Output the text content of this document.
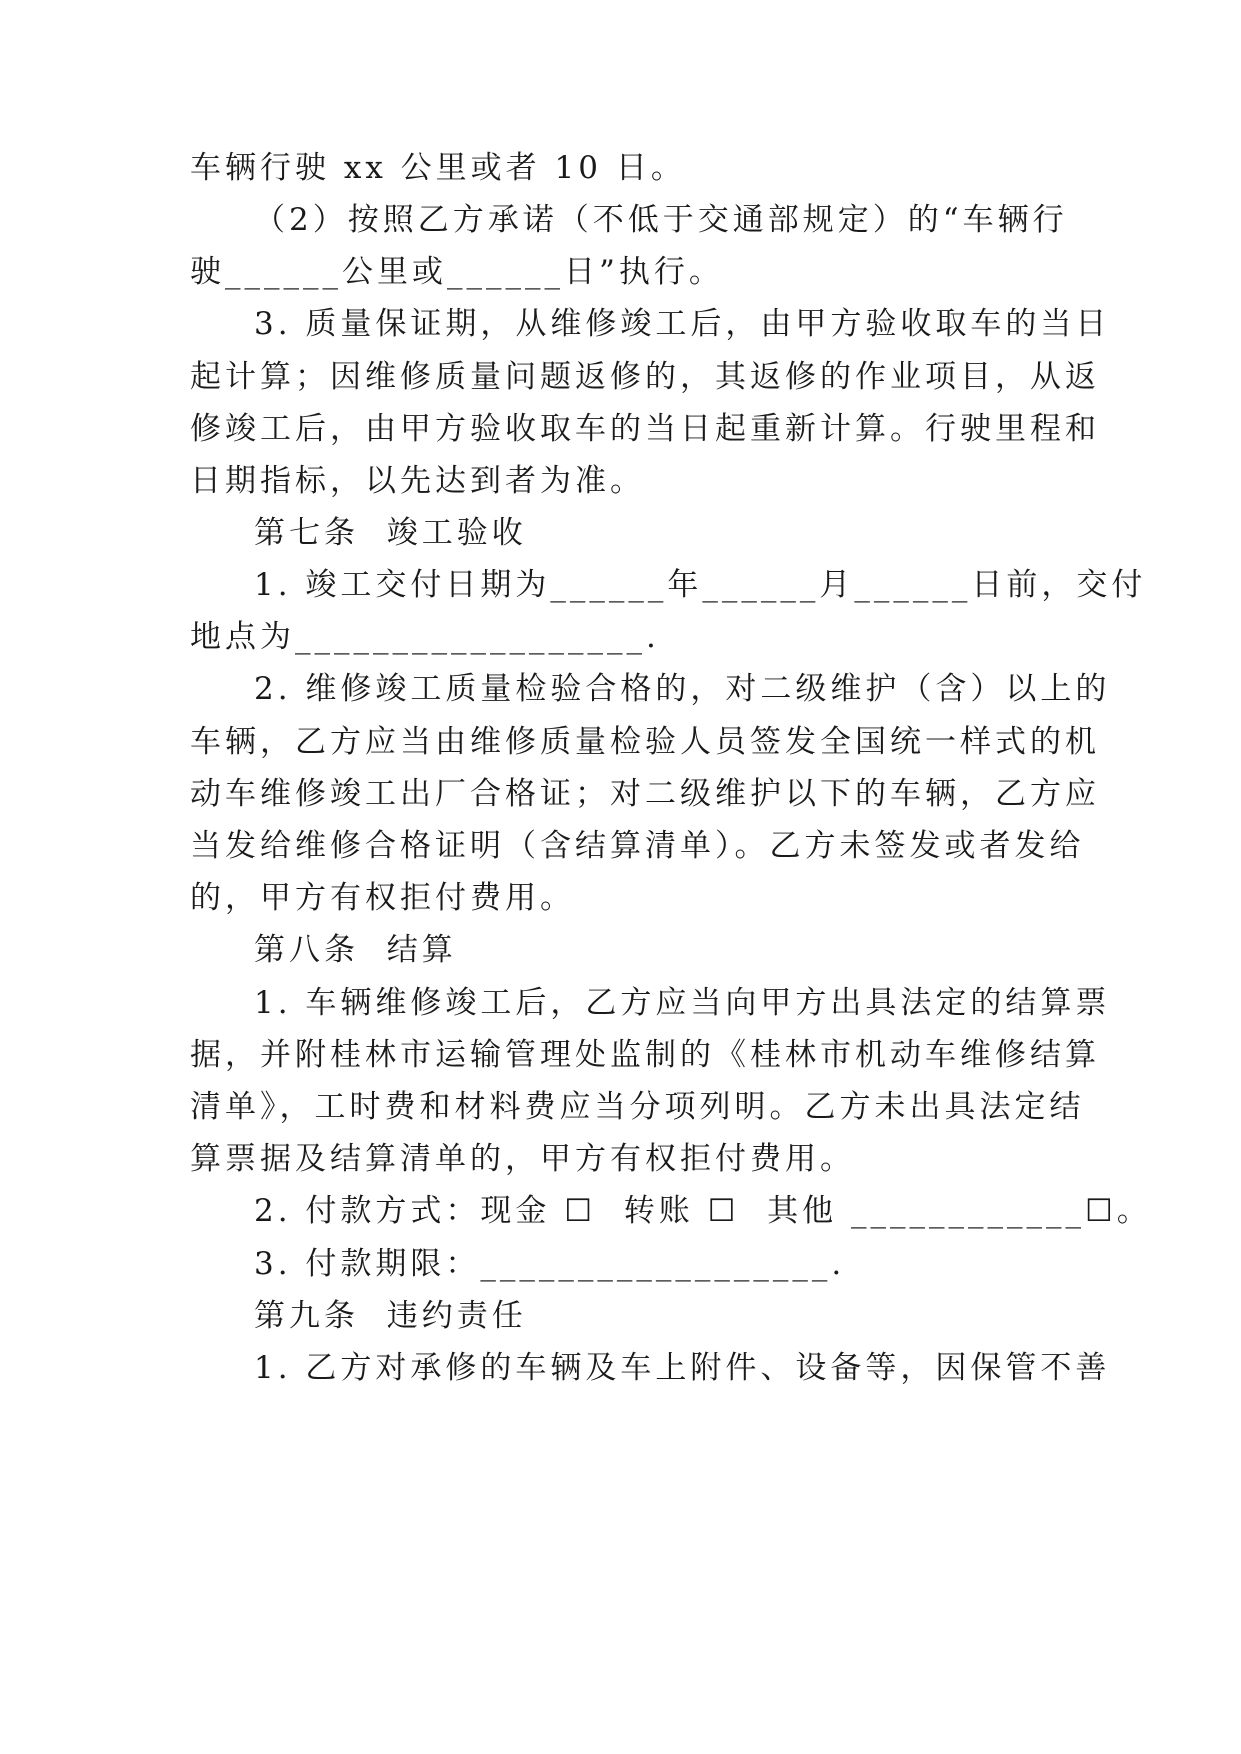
车辆行驶 xx 公里或者 10 日。
（2）按照乙方承诺（不低于交通部规定）的“车辆行
驶______公里或______日”执行。
3. 质量保证期，从维修竣工后，由甲方验收取车的当日
起计算；因维修质量问题返修的，其返修的作业项目，从返
修竣工后，由甲方验收取车的当日起重新计算。行驶里程和
日期指标，以先达到者为准。
第七条  竣工验收
1. 竣工交付日期为______年______月______日前，交付
地点为__________________.
2. 维修竣工质量检验合格的，对二级维护（含）以上的
车辆，乙方应当由维修质量检验人员签发全国统一样式的机
动车维修竣工出厂合格证；对二级维护以下的车辆，乙方应
当发给维修合格证明（含结算清单）。乙方未签发或者发给
的，甲方有权拒付费用。
第八条  结算
1. 车辆维修竣工后，乙方应当向甲方出具法定的结算票
据，并附桂林市运输管理处监制的《桂林市机动车维修结算
清单》，工时费和材料费应当分项列明。乙方未出具法定结
算票据及结算清单的，甲方有权拒付费用。
2. 付款方式：现金 ☐  转账 ☐  其他 ____________☐。
3. 付款期限：__________________.
第九条  违约责任
1. 乙方对承修的车辆及车上附件、设备等，因保管不善
